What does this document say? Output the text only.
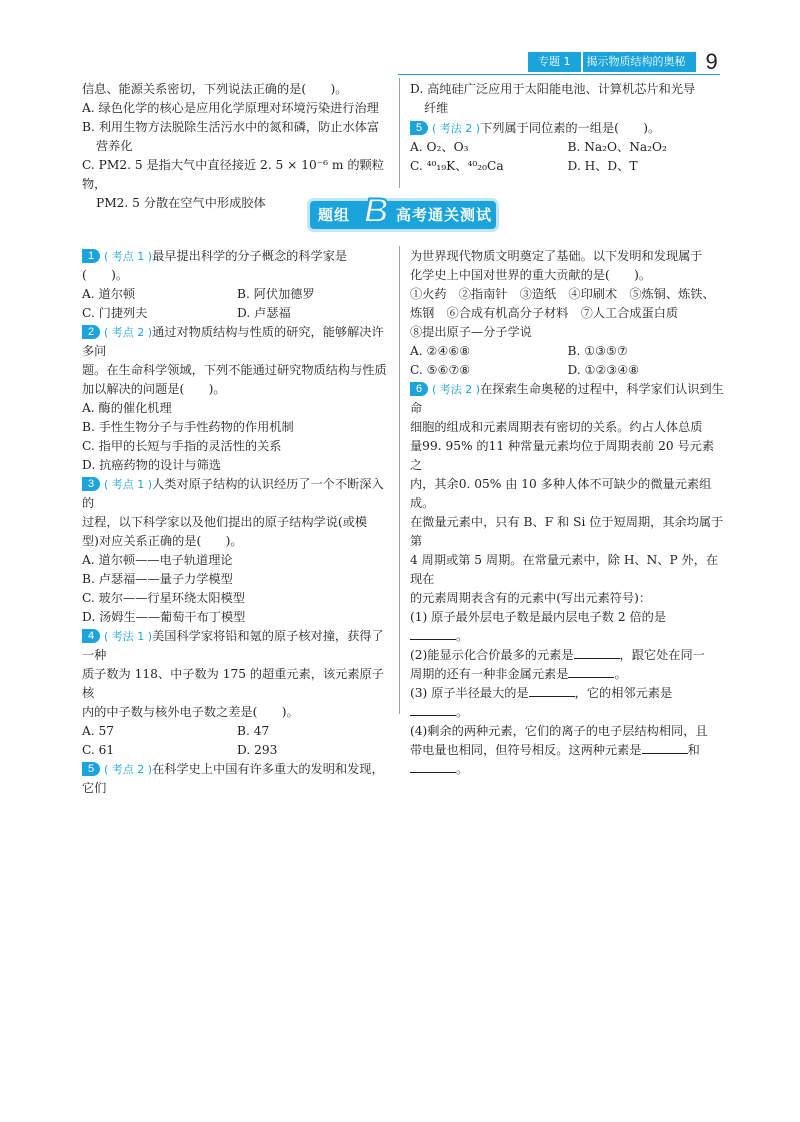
专题 1	揭示物质结构的奥秘 9

信息、能源关系密切，下列说法正确的是(　　)。

A. 绿色化学的核心是应用化学原理对环境污染进行治理

B. 利用生物方法脱除生活污水中的氮和磷，防止水体富

营养化

C. PM2. 5 是指大气中直径接近 2. 5 × 10⁻⁶ m 的颗粒物，

PM2. 5 分散在空气中形成胶体

D. 高纯硅广泛应用于太阳能电池、计算机芯片和光导

纤维

5 ( 考法 2 )下列属于同位素的一组是(　　)。

A. O₂、O₃	B. Na₂O、Na₂O₂

C. ⁴⁰₁₉K、⁴⁰₂₀Ca	D. H、D、T

题组 B 高考通关测试

1 ( 考点 1 )最早提出科学的分子概念的科学家是(　　)。

A. 道尔顿	B. 阿伏加德罗

C. 门捷列夫	D. 卢瑟福

2 ( 考点 2 )通过对物质结构与性质的研究，能够解决许多问

题。在生命科学领域，下列不能通过研究物质结构与性质

加以解决的问题是(　　)。

A. 酶的催化机理

B. 手性生物分子与手性药物的作用机制

C. 指甲的长短与手指的灵活性的关系

D. 抗癌药物的设计与筛选

3 ( 考点 1 )人类对原子结构的认识经历了一个不断深入的

过程，以下科学家以及他们提出的原子结构学说(或模

型)对应关系正确的是(　　)。

A. 道尔顿——电子轨道理论

B. 卢瑟福——量子力学模型

C. 玻尔——行星环绕太阳模型

D. 汤姆生——葡萄干布丁模型

4 ( 考法 1 )美国科学家将铅和氪的原子核对撞，获得了一种

质子数为 118、中子数为 175 的超重元素，该元素原子核

内的中子数与核外电子数之差是(　　)。

A. 57	B. 47

C. 61	D. 293

5 ( 考点 2 )在科学史上中国有许多重大的发明和发现，它们

为世界现代物质文明奠定了基础。以下发明和发现属于

化学史上中国对世界的重大贡献的是(　　)。

①火药　②指南针　③造纸　④印刷术　⑤炼铜、炼铁、

炼钢　⑥合成有机高分子材料　⑦人工合成蛋白质

⑧提出原子—分子学说

A. ②④⑥⑧	B. ①③⑤⑦

C. ⑤⑥⑦⑧	D. ①②③④⑧

6 ( 考法 2 )在探索生命奥秘的过程中，科学家们认识到生命

细胞的组成和元素周期表有密切的关系。约占人体总质

量99. 95% 的11 种常量元素均位于周期表前 20 号元素之

内，其余0. 05% 由 10 多种人体不可缺少的微量元素组成。

在微量元素中，只有 B、F 和 Si 位于短周期，其余均属于第

4 周期或第 5 周期。在常量元素中，除 H、N、P 外，在现在

的元素周期表含有的元素中(写出元素符号)：

(1) 原子最外层电子数是最内层电子数 2 倍的是

。

(2)能显示化合价最多的元素是	，跟它处在同一

周期的还有一种非金属元素是	。

(3) 原子半径最大的是	，它的相邻元素是

。

(4)剩余的两种元素，它们的离子的电子层结构相同，且

带电量也相同，但符号相反。这两种元素是	和

。
